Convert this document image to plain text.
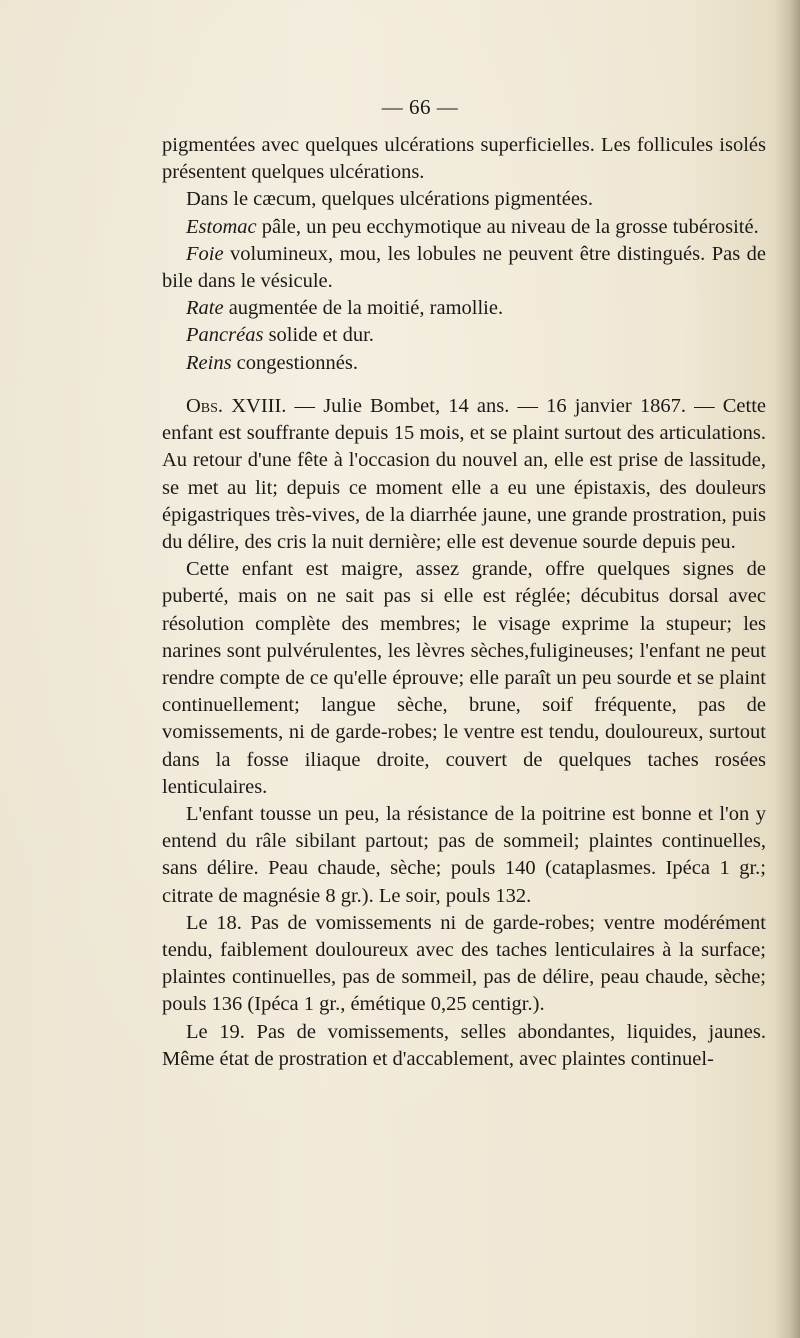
— 66 —

pigmentées avec quelques ulcérations superficielles. Les follicules isolés présentent quelques ulcérations.

Dans le cæcum, quelques ulcérations pigmentées.

Estomac pâle, un peu ecchymotique au niveau de la grosse tubérosité.

Foie volumineux, mou, les lobules ne peuvent être distingués. Pas de bile dans le vésicule.

Rate augmentée de la moitié, ramollie.

Pancréas solide et dur.

Reins congestionnés.

Obs. XVIII. — Julie Bombet, 14 ans. — 16 janvier 1867. — Cette enfant est souffrante depuis 15 mois, et se plaint surtout des articulations. Au retour d'une fête à l'occasion du nouvel an, elle est prise de lassitude, se met au lit; depuis ce moment elle a eu une épistaxis, des douleurs épigastriques très-vives, de la diarrhée jaune, une grande prostration, puis du délire, des cris la nuit dernière; elle est devenue sourde depuis peu.

Cette enfant est maigre, assez grande, offre quelques signes de puberté, mais on ne sait pas si elle est réglée; décubitus dorsal avec résolution complète des membres; le visage exprime la stupeur; les narines sont pulvérulentes, les lèvres sèches,fuligineuses; l'enfant ne peut rendre compte de ce qu'elle éprouve; elle paraît un peu sourde et se plaint continuellement; langue sèche, brune, soif fréquente, pas de vomissements, ni de garde-robes; le ventre est tendu, douloureux, surtout dans la fosse iliaque droite, couvert de quelques taches rosées lenticulaires.

L'enfant tousse un peu, la résistance de la poitrine est bonne et l'on y entend du râle sibilant partout; pas de sommeil; plaintes continuelles, sans délire. Peau chaude, sèche; pouls 140 (cataplasmes. Ipéca 1 gr.; citrate de magnésie 8 gr.). Le soir, pouls 132.

Le 18. Pas de vomissements ni de garde-robes; ventre modérément tendu, faiblement douloureux avec des taches lenticulaires à la surface; plaintes continuelles, pas de sommeil, pas de délire, peau chaude, sèche; pouls 136 (Ipéca 1 gr., émétique 0,25 centigr.).

Le 19. Pas de vomissements, selles abondantes, liquides, jaunes. Même état de prostration et d'accablement, avec plaintes continuel-
